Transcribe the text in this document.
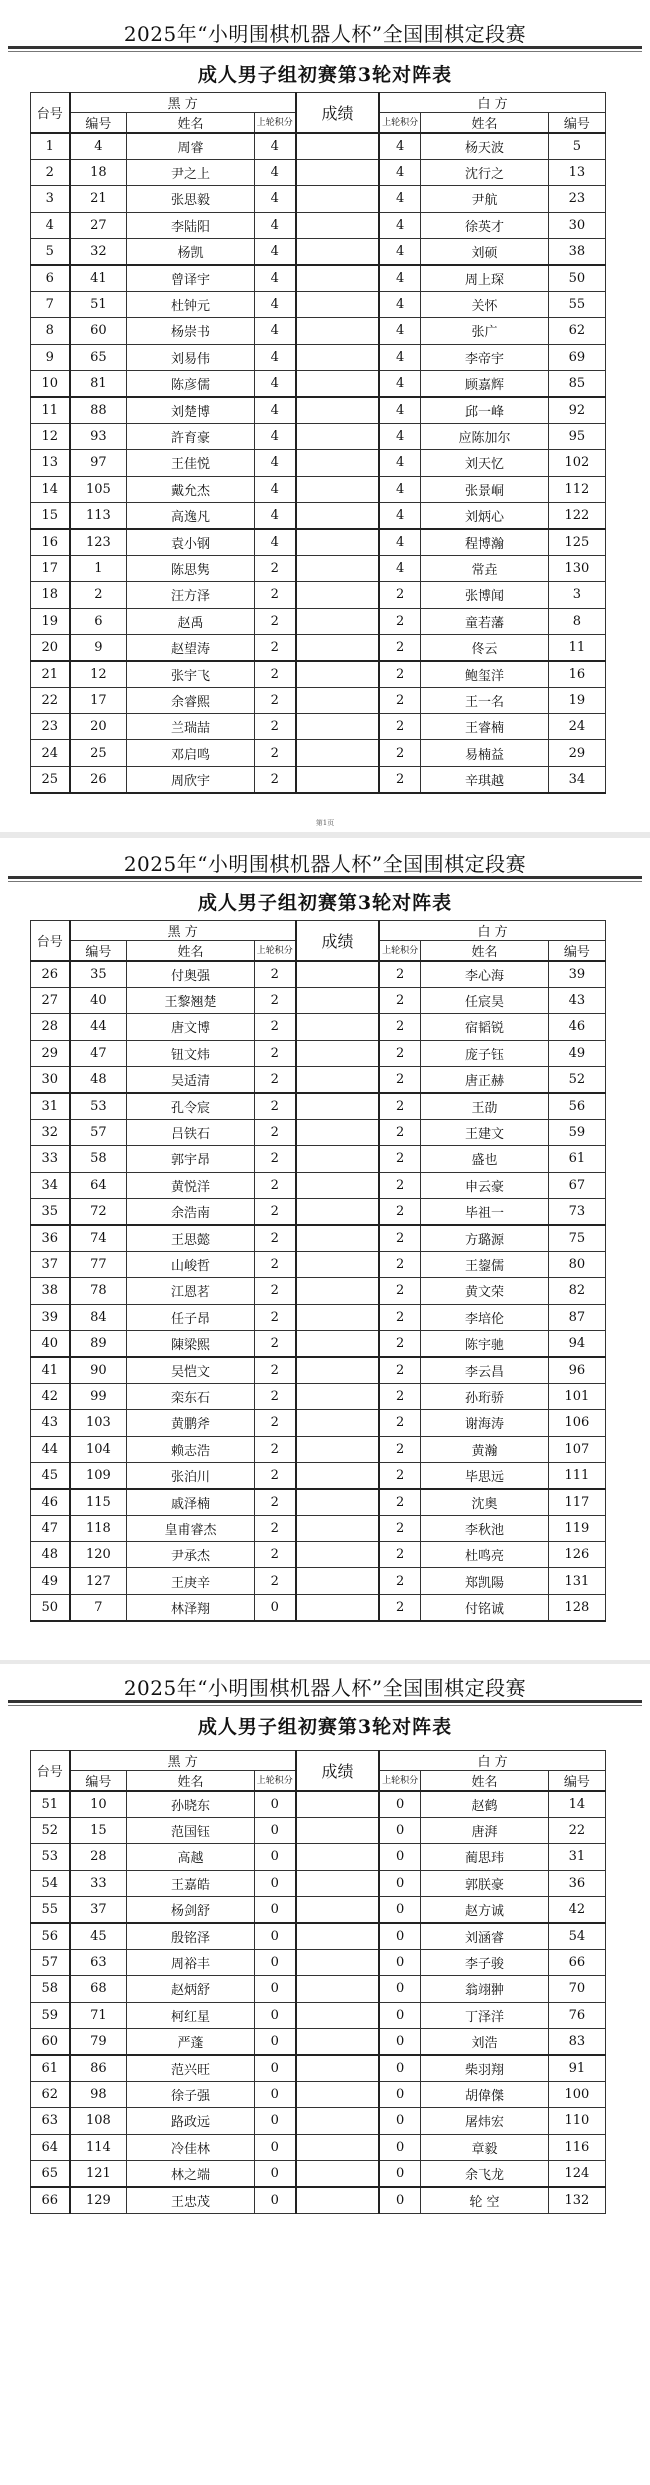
2025年“小明围棋机器人杯”全国围棋定段赛
成人男子组初赛第3轮对阵表
台号	黑 方			成绩	白 方		
	编号	姓名	上轮积分		上轮积分	姓名	编号
1	4	周睿	4		4	杨天波	5
2	18	尹之上	4		4	沈行之	13
3	21	张思毅	4		4	尹航	23
4	27	李陆阳	4		4	徐英才	30
5	32	杨凯	4		4	刘硕	38
6	41	曾译宇	4		4	周上琛	50
7	51	杜钟元	4		4	关怀	55
8	60	杨崇书	4		4	张广	62
9	65	刘易伟	4		4	李帝宇	69
10	81	陈彦儒	4		4	顾嘉辉	85
11	88	刘楚博	4		4	邱一峰	92
12	93	許育豪	4		4	应陈加尔	95
13	97	王佳悦	4		4	刘天忆	102
14	105	戴允杰	4		4	张景峒	112
15	113	高逸凡	4		4	刘炳心	122
16	123	袁小钢	4		4	程博瀚	125
17	1	陈思隽	2		4	常垚	130
18	2	汪方泽	2		2	张博闻	3
19	6	赵禹	2		2	童若藩	8
20	9	赵望涛	2		2	佟云	11
21	12	张宇飞	2		2	鲍玺洋	16
22	17	余睿熙	2		2	王一名	19
23	20	兰瑞喆	2		2	王睿楠	24
24	25	邓启鸣	2		2	易楠益	29
25	26	周欣宇	2		2	辛琪越	34
第1页
2025年“小明围棋机器人杯”全国围棋定段赛
成人男子组初赛第3轮对阵表
台号	黑 方			成绩	白 方		
	编号	姓名	上轮积分		上轮积分	姓名	编号
26	35	付奥强	2		2	李心海	39
27	40	王黎翘楚	2		2	任宸昊	43
28	44	唐文博	2		2	宿韬锐	46
29	47	钮文炜	2		2	庞子钰	49
30	48	吴适清	2		2	唐正赫	52
31	53	孔令宸	2		2	王劭	56
32	57	吕铁石	2		2	王建文	59
33	58	郭宇昂	2		2	盛也	61
34	64	黄悦洋	2		2	申云豪	67
35	72	余浩南	2		2	毕祖一	73
36	74	王思懿	2		2	方璐源	75
37	77	山峻哲	2		2	王鋆儒	80
38	78	江恩茗	2		2	黄文荣	82
39	84	任子昂	2		2	李培伦	87
40	89	陳梁熙	2		2	陈宇驰	94
41	90	吴恺文	2		2	李云昌	96
42	99	栾东石	2		2	孙珩骄	101
43	103	黄鹏斧	2		2	谢海涛	106
44	104	赖志浩	2		2	黄瀚	107
45	109	张泊川	2		2	毕思远	111
46	115	戚泽楠	2		2	沈奥	117
47	118	皇甫睿杰	2		2	李秋池	119
48	120	尹承杰	2		2	杜鸣亮	126
49	127	王庚辛	2		2	郑凯陽	131
50	7	林泽翔	0		2	付铭诚	128
2025年“小明围棋机器人杯”全国围棋定段赛
成人男子组初赛第3轮对阵表
台号	黑 方			成绩	白 方		
	编号	姓名	上轮积分		上轮积分	姓名	编号
51	10	孙晓东	0		0	赵鹤	14
52	15	范国钰	0		0	唐湃	22
53	28	高越	0		0	蔺思玮	31
54	33	王嘉皓	0		0	郭朕豪	36
55	37	杨剑舒	0		0	赵方诚	42
56	45	殷铭泽	0		0	刘涵睿	54
57	63	周裕丰	0		0	李子骏	66
58	68	赵炳舒	0		0	翁翊翀	70
59	71	柯红星	0		0	丁泽洋	76
60	79	严蓬	0		0	刘浩	83
61	86	范兴旺	0		0	柴羽翔	91
62	98	徐子强	0		0	胡偉傑	100
63	108	路政远	0		0	屠炜宏	110
64	114	冷佳林	0		0	章毅	116
65	121	林之端	0		0	余飞龙	124
66	129	王忠茂	0		0	轮 空	132
